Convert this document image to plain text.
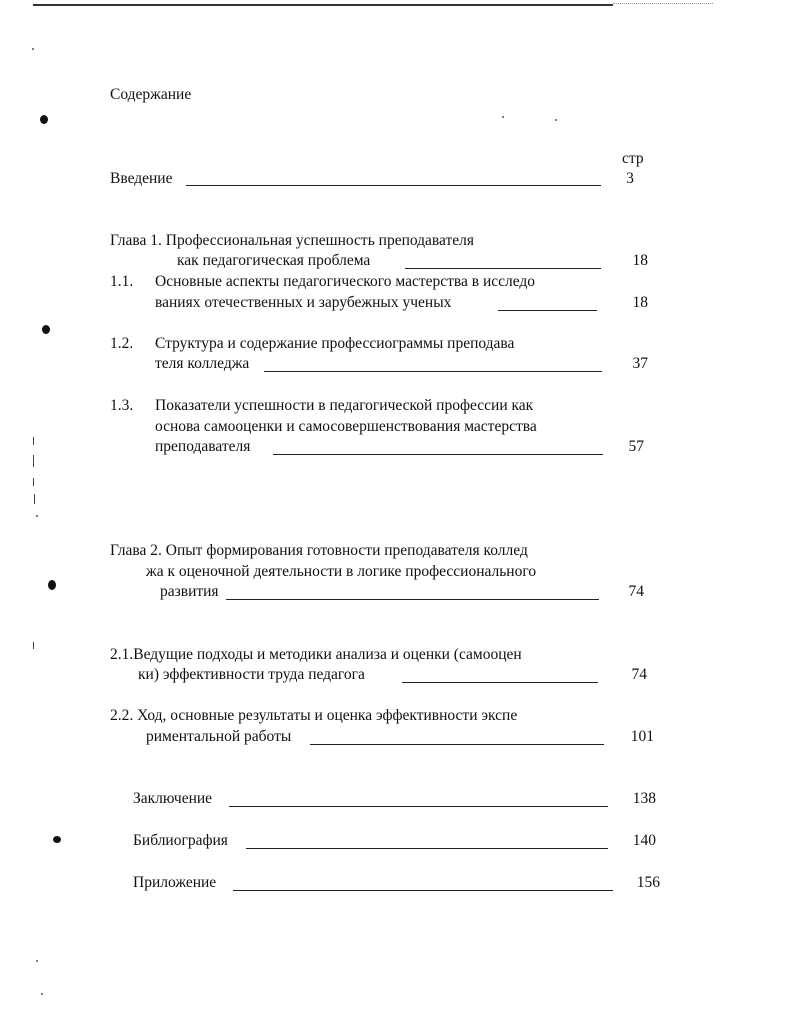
Содержание
стр
Введение	3
Глава 1. Профессиональная успешность преподавателя
как педагогическая проблема	18
1.1. Основные аспекты педагогического мастерства в исследо
ваниях отечественных и зарубежных ученых	18
1.2. Структура и содержание профессиограммы преподава
теля колледжа	37
1.3. Показатели успешности в педагогической профессии как
основа самооценки и самосовершенствования мастерства
преподавателя	57
Глава 2. Опыт формирования готовности преподавателя коллед
жа к оценочной деятельности в логике профессионального
развития	74
2.1.Ведущие подходы и методики анализа и оценки (самооцен
ки) эффективности труда педагога	74
2.2. Ход, основные результаты и оценка эффективности экспе
риментальной работы	101
Заключение	138
Библиография	140
Приложение	156
